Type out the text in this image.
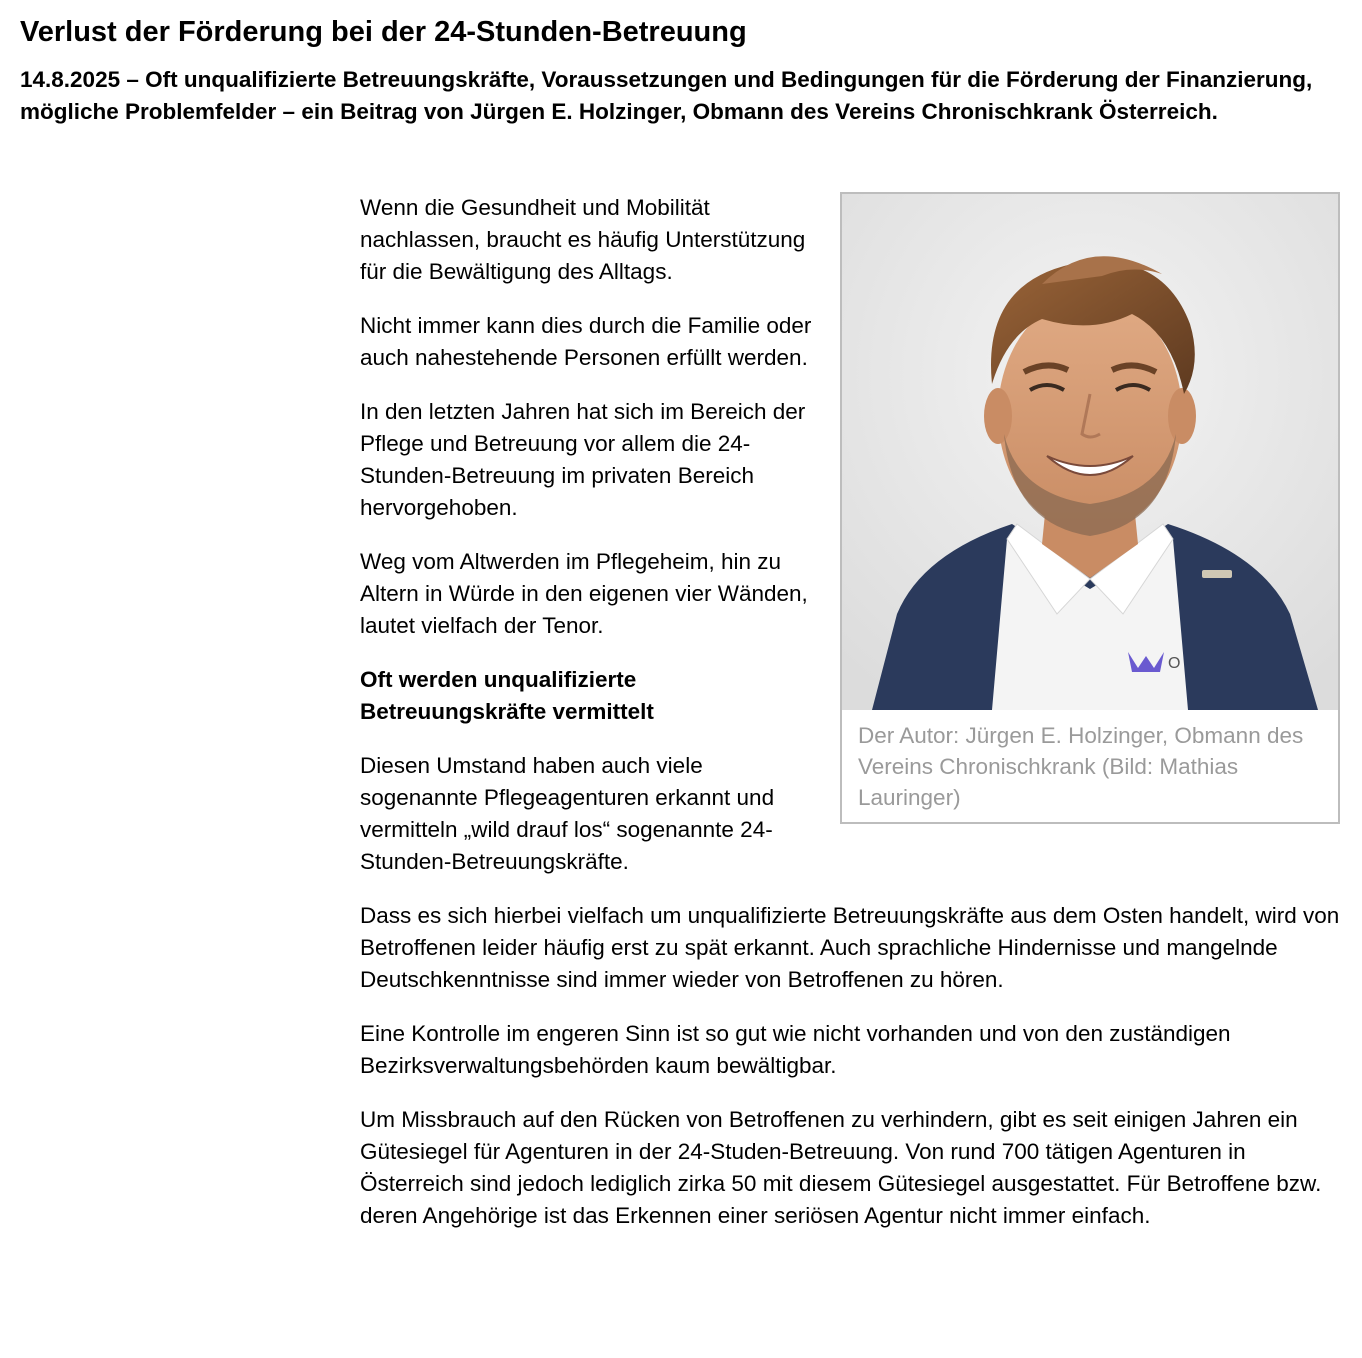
Verlust der Förderung bei der 24-Stunden-Betreuung

14.8.2025 – Oft unqualifizierte Betreuungskräfte, Voraussetzungen und Bedingungen für die Förderung der Finanzierung, mögliche Problemfelder – ein Beitrag von Jürgen E. Holzinger, Obmann des Vereins Chronischkrank Österreich.

O
Der Autor: Jürgen E. Holzinger, Obmann des Vereins Chronischkrank (Bild: Mathias Lauringer)

Wenn die Gesundheit und Mobilität nachlassen, braucht es häufig Unterstützung für die Bewältigung des Alltags.

Nicht immer kann dies durch die Familie oder auch nahestehende Personen erfüllt werden.

In den letzten Jahren hat sich im Bereich der Pflege und Betreuung vor allem die 24-Stunden-Betreuung im privaten Bereich hervorgehoben.

Weg vom Altwerden im Pflegeheim, hin zu Altern in Würde in den eigenen vier Wänden, lautet vielfach der Tenor.

Oft werden unqualifizierte Betreuungskräfte vermittelt

Diesen Umstand haben auch viele sogenannte Pflegeagenturen erkannt und vermitteln „wild drauf los“ sogenannte 24-Stunden-Betreuungskräfte.

Dass es sich hierbei vielfach um unqualifizierte Betreuungskräfte aus dem Osten handelt, wird von Betroffenen leider häufig erst zu spät erkannt. Auch sprachliche Hindernisse und mangelnde Deutschkenntnisse sind immer wieder von Betroffenen zu hören.

Eine Kontrolle im engeren Sinn ist so gut wie nicht vorhanden und von den zuständigen Bezirksverwaltungsbehörden kaum bewältigbar.

Um Missbrauch auf den Rücken von Betroffenen zu verhindern, gibt es seit einigen Jahren ein Gütesiegel für Agenturen in der 24-Studen-Betreuung. Von rund 700 tätigen Agenturen in Österreich sind jedoch lediglich zirka 50 mit diesem Gütesiegel ausgestattet. Für Betroffene bzw. deren Angehörige ist das Erkennen einer seriösen Agentur nicht immer einfach.
